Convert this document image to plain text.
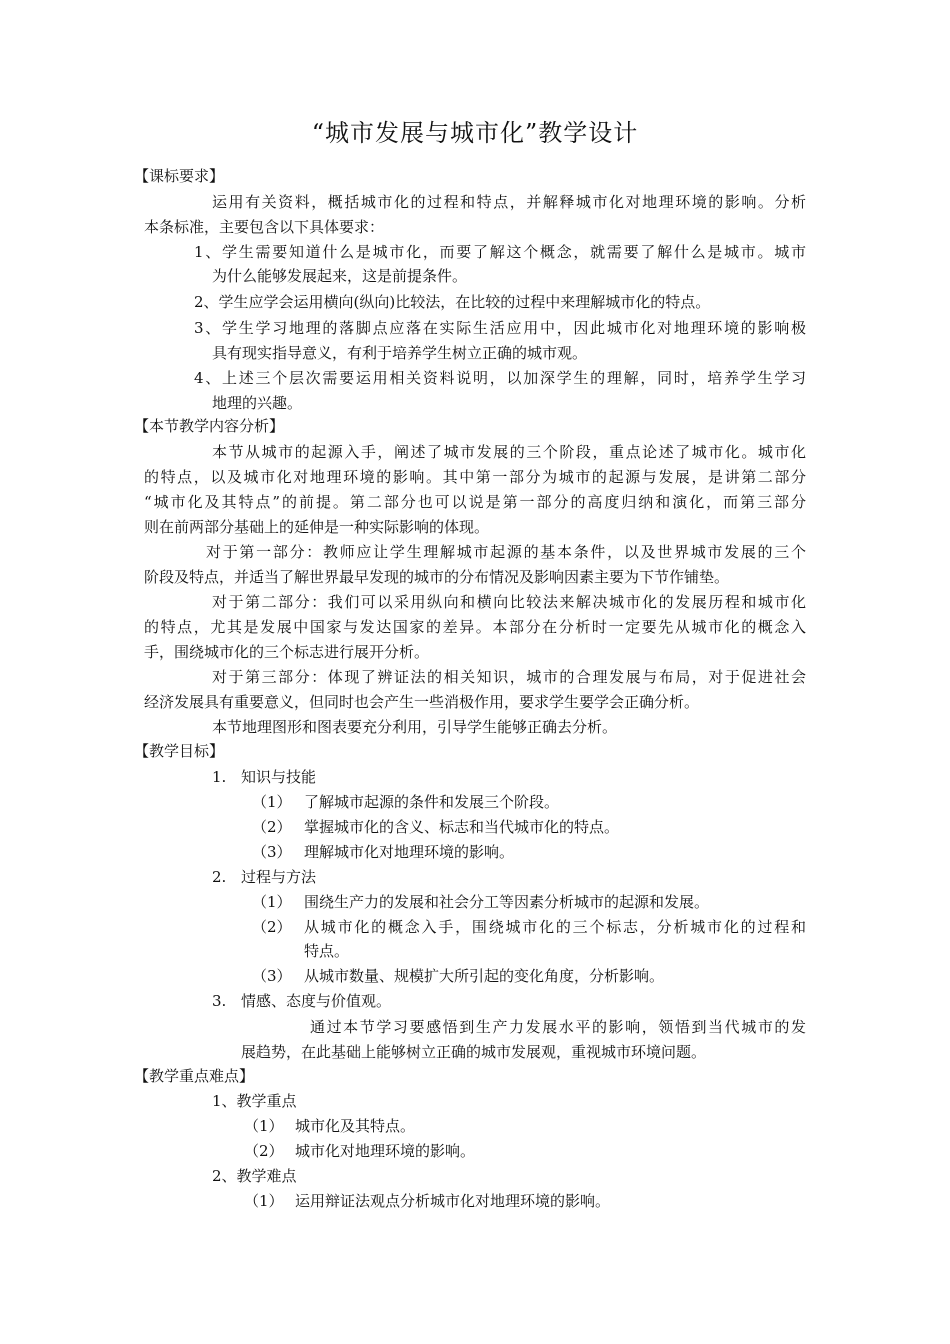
“城市发展与城市化”教学设计
【课标要求】
运用有关资料，概括城市化的过程和特点，并解释城市化对地理环境的影响。分析
本条标准，主要包含以下具体要求：
1、学生需要知道什么是城市化，而要了解这个概念，就需要了解什么是城市。城市
为什么能够发展起来，这是前提条件。
2、学生应学会运用横向(纵向)比较法，在比较的过程中来理解城市化的特点。
3、学生学习地理的落脚点应落在实际生活应用中，因此城市化对地理环境的影响极
具有现实指导意义，有利于培养学生树立正确的城市观。
4、上述三个层次需要运用相关资料说明，以加深学生的理解，同时，培养学生学习
地理的兴趣。
【本节教学内容分析】
本节从城市的起源入手，阐述了城市发展的三个阶段，重点论述了城市化。城市化
的特点，以及城市化对地理环境的影响。其中第一部分为城市的起源与发展，是讲第二部分
“城市化及其特点”的前提。第二部分也可以说是第一部分的高度归纳和演化，而第三部分
则在前两部分基础上的延伸是一种实际影响的体现。
对于第一部分：教师应让学生理解城市起源的基本条件，以及世界城市发展的三个
阶段及特点，并适当了解世界最早发现的城市的分布情况及影响因素主要为下节作铺垫。
对于第二部分：我们可以采用纵向和横向比较法来解决城市化的发展历程和城市化
的特点，尤其是发展中国家与发达国家的差异。本部分在分析时一定要先从城市化的概念入
手，围绕城市化的三个标志进行展开分析。
对于第三部分：体现了辨证法的相关知识，城市的合理发展与布局，对于促进社会
经济发展具有重要意义，但同时也会产生一些消极作用，要求学生要学会正确分析。
本节地理图形和图表要充分利用，引导学生能够正确去分析。
【教学目标】
1. 知识与技能
（1） 了解城市起源的条件和发展三个阶段。
（2） 掌握城市化的含义、标志和当代城市化的特点。
（3） 理解城市化对地理环境的影响。
2. 过程与方法
（1） 围绕生产力的发展和社会分工等因素分析城市的起源和发展。
（2） 从城市化的概念入手，围绕城市化的三个标志，分析城市化的过程和
特点。
（3） 从城市数量、规模扩大所引起的变化角度，分析影响。
3. 情感、态度与价值观。
通过本节学习要感悟到生产力发展水平的影响，领悟到当代城市的发
展趋势，在此基础上能够树立正确的城市发展观，重视城市环境问题。
【教学重点难点】
1、教学重点
（1） 城市化及其特点。
（2） 城市化对地理环境的影响。
2、教学难点
（1） 运用辩证法观点分析城市化对地理环境的影响。
